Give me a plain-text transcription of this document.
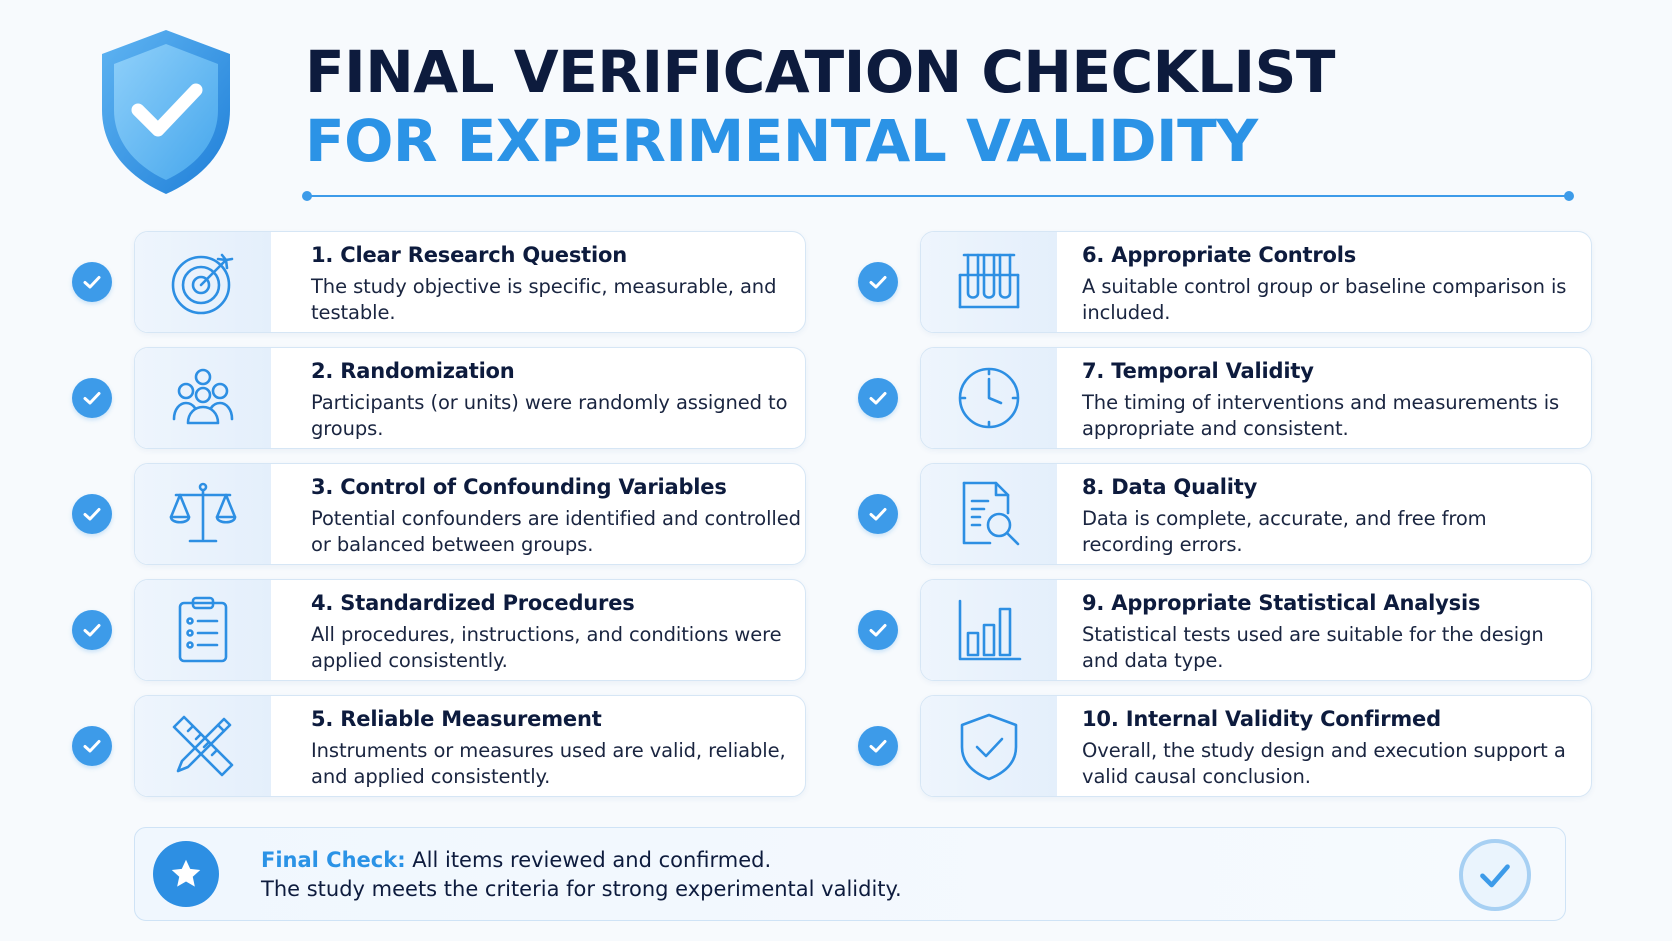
FINAL VERIFICATION CHECKLIST
FOR EXPERIMENTAL VALIDITY
1. Clear Research Question
The study objective is specific, measurable, and testable.
2. Randomization
Participants (or units) were randomly assigned to groups.
3. Control of Confounding Variables
Potential confounders are identified and controlled or balanced between groups.
4. Standardized Procedures
All procedures, instructions, and conditions were applied consistently.
5. Reliable Measurement
Instruments or measures used are valid, reliable, and applied consistently.
6. Appropriate Controls
A suitable control group or baseline comparison is included.
7. Temporal Validity
The timing of interventions and measurements is appropriate and consistent.
8. Data Quality
Data is complete, accurate, and free from recording errors.
9. Appropriate Statistical Analysis
Statistical tests used are suitable for the design and data type.
10. Internal Validity Confirmed
Overall, the study design and execution support a valid causal conclusion.
Final Check: All items reviewed and confirmed.
The study meets the criteria for strong experimental validity.
